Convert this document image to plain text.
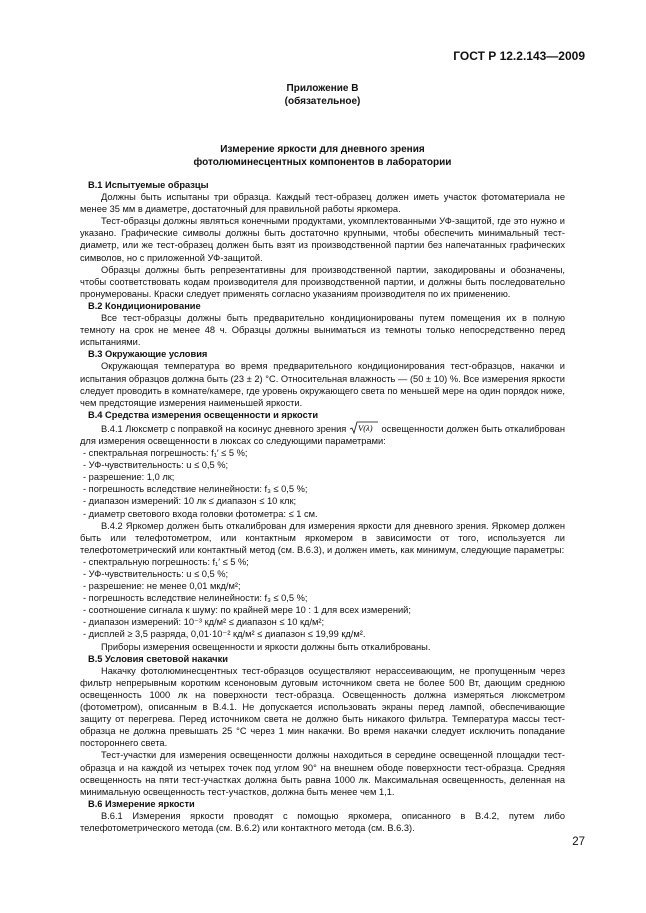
ГОСТ Р 12.2.143—2009
Приложение В
(обязательное)
Измерение яркости для дневного зрения
фотолюминесцентных компонентов в лаборатории
В.1 Испытуемые образцы

Должны быть испытаны три образца. Каждый тест-образец должен иметь участок фотоматериала не менее 35 мм в диаметре, достаточный для правильной работы яркомера.

Тест-образцы должны являться конечными продуктами, укомплектованными УФ-защитой, где это нужно и указано. Графические символы должны быть достаточно крупными, чтобы обеспечить минимальный тест-диаметр, или же тест-образец должен быть взят из производственной партии без напечатанных графических символов, но с приложенной УФ-защитой.

Образцы должны быть репрезентативны для производственной партии, закодированы и обозначены, чтобы соответствовать кодам производителя для производственной партии, и должны быть последовательно пронумерованы. Краски следует применять согласно указаниям производителя по их применению.

В.2 Кондиционирование

Все тест-образцы должны быть предварительно кондиционированы путем помещения их в полную темноту на срок не менее 48 ч. Образцы должны выниматься из темноты только непосредственно перед испытаниями.

В.3 Окружающие условия

Окружающая температура во время предварительного кондиционирования тест-образцов, накачки и испытания образцов должна быть (23 ± 2) °C. Относительная влажность — (50 ± 10) %. Все измерения яркости следует проводить в комнате/камере, где уровень окружающего света по меньшей мере на один порядок ниже, чем предстоящие измерения наименьшей яркости.

В.4 Средства измерения освещенности и яркости

В.4.1 Люксметр с поправкой на косинус дневного зрения V(λ) освещенности должен быть откалиброван для измерения освещенности в люксах со следующими параметрами:

- спектральная погрешность: f₁′ ≤ 5 %;

- УФ-чувствительность: u ≤ 0,5 %;

- разрешение: 1,0 лк;

- погрешность вследствие нелинейности: f₃ ≤ 0,5 %;

- диапазон измерений: 10 лк ≤ диапазон ≤ 10 клк;

- диаметр светового входа головки фотометра: ≤ 1 см.

В.4.2 Яркомер должен быть откалиброван для измерения яркости для дневного зрения. Яркомер должен быть или телефотометром, или контактным яркомером в зависимости от того, используется ли телефотометрический или контактный метод (см. В.6.3), и должен иметь, как минимум, следующие параметры:

- спектральную погрешность: f₁′ ≤ 5 %;

- УФ-чувствительность: u ≤ 0,5 %;

- разрешение: не менее 0,01 мкд/м²;

- погрешность вследствие нелинейности: f₃ ≤ 0,5 %;

- соотношение сигнала к шуму: по крайней мере 10 : 1 для всех измерений;

- диапазон измерений: 10⁻³ кд/м² ≤ диапазон ≤ 10 кд/м²;

- дисплей ≥ 3,5 разряда, 0,01·10⁻² кд/м² ≤ диапазон ≤ 19,99 кд/м².

Приборы измерения освещенности и яркости должны быть откалиброваны.

В.5 Условия световой накачки

Накачку фотолюминесцентных тест-образцов осуществляют нерассеивающим, не пропущенным через фильтр непрерывным коротким ксеноновым дуговым источником света не более 500 Вт, дающим среднюю освещенность 1000 лк на поверхности тест-образца. Освещенность должна измеряться люксметром (фотометром), описанным в В.4.1. Не допускается использовать экраны перед лампой, обеспечивающие защиту от перегрева. Перед источником света не должно быть никакого фильтра. Температура массы тест-образца не должна превышать 25 °С через 1 мин накачки. Во время накачки следует исключить попадание постороннего света.

Тест-участки для измерения освещенности должны находиться в середине освещенной площадки тест-образца и на каждой из четырех точек под углом 90° на внешнем ободе поверхности тест-образца. Средняя освещенность на пяти тест-участках должна быть равна 1000 лк. Максимальная освещенность, деленная на минимальную освещенность тест-участков, должна быть менее чем 1,1.

В.6 Измерение яркости

В.6.1 Измерения яркости проводят с помощью яркомера, описанного в В.4.2, путем либо телефотометрического метода (см. В.6.2) или контактного метода (см. В.6.3).

27
